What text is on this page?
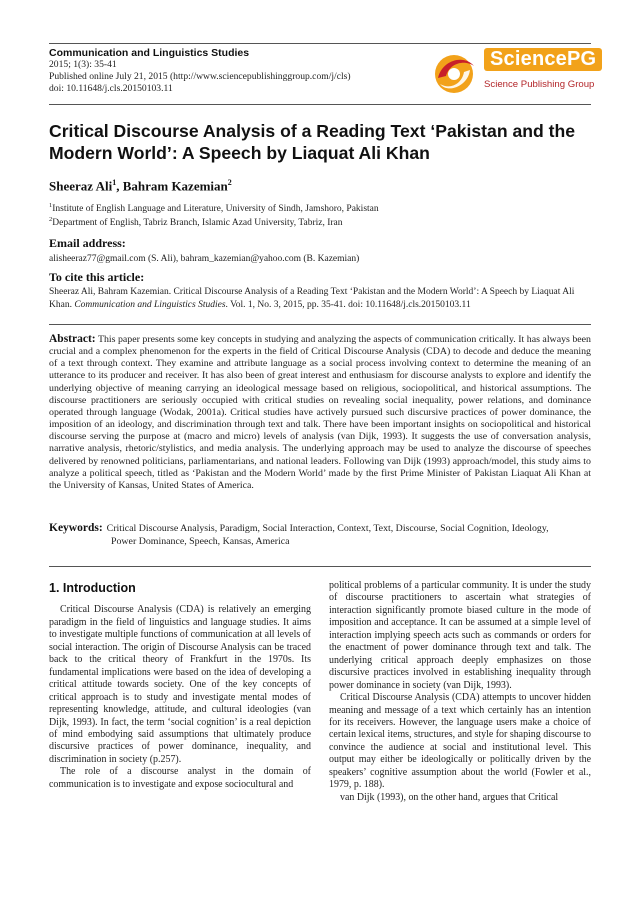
Communication and Linguistics Studies
2015; 1(3): 35-41
Published online July 21, 2015 (http://www.sciencepublishinggroup.com/j/cls)
doi: 10.11648/j.cls.20150103.11
SciencePG
Science Publishing Group
Critical Discourse Analysis of a Reading Text ‘Pakistan and the Modern World’: A Speech by Liaquat Ali Khan
Sheeraz Ali$^1$, Bahram Kazemian$^2$
$^1$Institute of English Language and Literature, University of Sindh, Jamshoro, Pakistan
$^2$Department of English, Tabriz Branch, Islamic Azad University, Tabriz, Iran
Email address:
alisheeraz77@gmail.com (S. Ali), bahram_kazemian@yahoo.com (B. Kazemian)
To cite this article:
Sheeraz Ali, Bahram Kazemian. Critical Discourse Analysis of a Reading Text ‘Pakistan and the Modern World’: A Speech by Liaquat Ali Khan. Communication and Linguistics Studies. Vol. 1, No. 3, 2015, pp. 35-41. doi: 10.11648/j.cls.20150103.11
Abstract: This paper presents some key concepts in studying and analyzing the aspects of communication critically. It has always been crucial and a complex phenomenon for the experts in the field of Critical Discourse Analysis (CDA) to decode and deduce the meaning of a text through context. They examine and attribute language as a social process involving context to determine the meaning of an utterance to its producer and receiver. It has also been of great interest and enthusiasm for discourse analysts to explore and identify the underlying objective of meaning carrying an ideological message based on religious, sociopolitical, and historical assumptions. The discourse practitioners are seriously occupied with critical studies on revealing social inequality, power relations, and dominance operated through language (Wodak, 2001a). Critical studies have actively pursued such discursive practices of power dominance, the imposition of an ideology, and discrimination through text and talk. There have been important insights on sociopolitical and historical discourse serving the purpose at (macro and micro) levels of analysis (van Dijk, 1993). It suggests the use of conversation analysis, narrative analysis, rhetoric/stylistics, and media analysis. The underlying approach may be used to analyze the discourse of speeches delivered by renowned politicians, parliamentarians, and national leaders. Following van Dijk (1993) approach/model, this study aims to analyze a political speech, titled as ‘Pakistan and the Modern World’ made by the first Prime Minister of Pakistan Liaquat Ali Khan at the University of Kansas, United States of America.
Keywords: Critical Discourse Analysis, Paradigm, Social Interaction, Context, Text, Discourse, Social Cognition, Ideology,
Power Dominance, Speech, Kansas, America
1. Introduction

Critical Discourse Analysis (CDA) is relatively an emerging paradigm in the field of linguistics and language studies. It aims to investigate multiple functions of communication at all levels of social interaction. The origin of Discourse Analysis can be traced back to the critical theory of Frankfurt in the 1970s. Its fundamental implications were based on the idea of developing a critical attitude towards society. One of the key concepts of critical approach is to study and investigate mental modes of representing knowledge, attitude, and cultural ideologies (van Dijk, 1993). In fact, the term ‘social cognition’ is a real depiction of mind embodying said assumptions that ultimately produce discursive practices of power dominance, inequality, and discrimination in society (p.257).

The role of a discourse analyst in the domain of communication is to investigate and expose sociocultural and

political problems of a particular community. It is under the study of discourse practitioners to ascertain what strategies of interaction significantly promote biased culture in the mode of imposition and acceptance. It can be assumed at a simple level of interaction implying speech acts such as commands or orders for the enactment of power dominance through text and talk. The underlying critical approach deeply emphasizes on those discursive practices involved in establishing inequality through power dominance in society (van Dijk, 1993).

Critical Discourse Analysis (CDA) attempts to uncover hidden meaning and message of a text which certainly has an intention for its receivers. However, the language users make a choice of certain lexical items, structures, and style for shaping discourse to convince the audience at social and institutional level. This output may either be ideologically or politically driven by the speakers’ cognitive assumption about the world (Fowler et al., 1979, p. 188).

van Dijk (1993), on the other hand, argues that Critical
